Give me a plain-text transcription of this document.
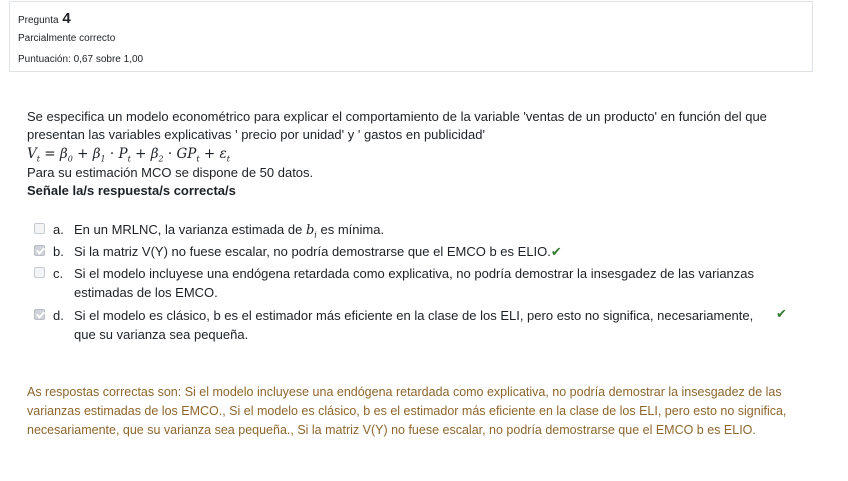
Pregunta 4
Parcialmente correcto
Puntuación: 0,67 sobre 1,00
Se especifica un modelo econométrico para explicar el comportamiento de la variable 'ventas de un producto' en función del que presentan las variables explicativas ' precio por unidad' y ' gastos en publicidad'
$V_t = \beta_0 + \beta_1 \cdot P_t + \beta_2 \cdot GP_t + \varepsilon_t$
Para su estimación MCO se dispone de 50 datos.
Señale la/s respuesta/s correcta/s
a. En un MRLNC, la varianza estimada de $b_i$ es mínima.
b. Si la matriz V(Y) no fuese escalar, no podría demostrarse que el EMCO b es ELIO.✔
c. Si el modelo incluyese una endógena retardada como explicativa, no podría demostrar la insesgadez de las varianzas estimadas de los EMCO.
d. Si el modelo es clásico, b es el estimador más eficiente en la clase de los ELI, pero esto no significa, necesariamente, que su varianza sea pequeña.
✔
As respostas correctas son: Si el modelo incluyese una endógena retardada como explicativa, no podría demostrar la insesgadez de las varianzas estimadas de los EMCO., Si el modelo es clásico, b es el estimador más eficiente en la clase de los ELI, pero esto no significa, necesariamente, que su varianza sea pequeña., Si la matriz V(Y) no fuese escalar, no podría demostrarse que el EMCO b es ELIO.
